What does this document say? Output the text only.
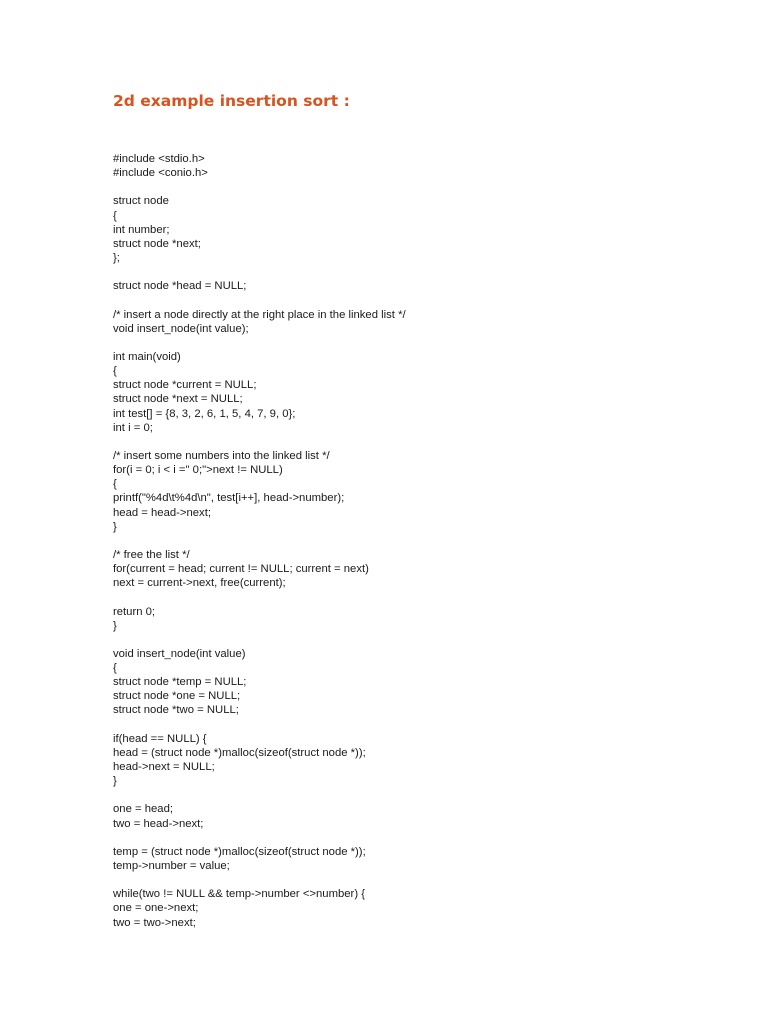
2d example insertion sort :
#include <stdio.h>
#include <conio.h>
struct node
{
int number;
struct node *next;
};
struct node *head = NULL;
/* insert a node directly at the right place in the linked list */
void insert_node(int value);
int main(void)
{
struct node *current = NULL;
struct node *next = NULL;
int test[] = {8, 3, 2, 6, 1, 5, 4, 7, 9, 0};
int i = 0;
/* insert some numbers into the linked list */
for(i = 0; i < i =" 0;">next != NULL)
{
printf("%4d\t%4d\n", test[i++], head->number);
head = head->next;
}
/* free the list */
for(current = head; current != NULL; current = next)
next = current->next, free(current);
return 0;
}
void insert_node(int value)
{
struct node *temp = NULL;
struct node *one = NULL;
struct node *two = NULL;
if(head == NULL) {
head = (struct node *)malloc(sizeof(struct node *));
head->next = NULL;
}
one = head;
two = head->next;
temp = (struct node *)malloc(sizeof(struct node *));
temp->number = value;
while(two != NULL && temp->number <>number) {
one = one->next;
two = two->next;
